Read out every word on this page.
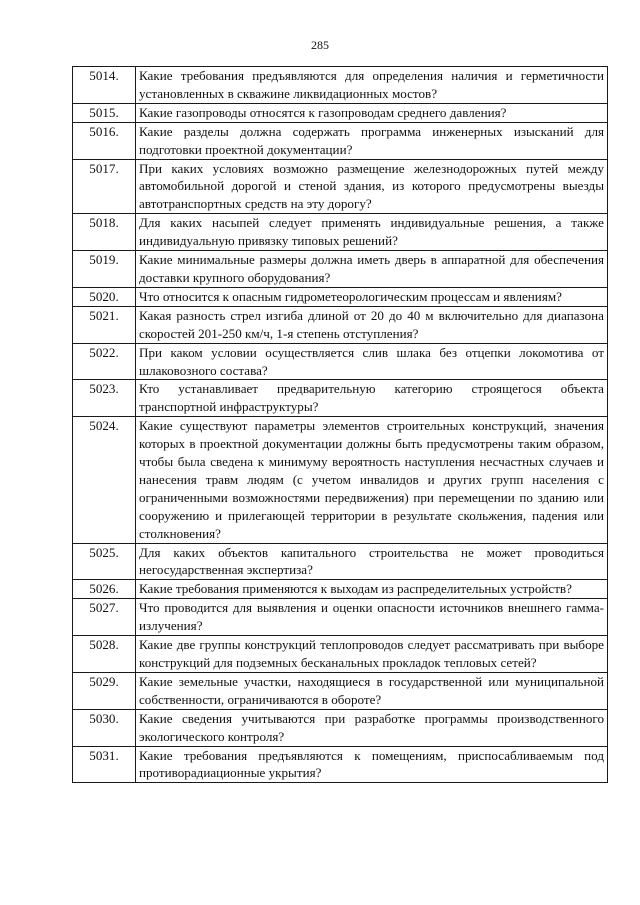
285
5014.	Какие требования предъявляются для определения наличия и герметичности установленных в скважине ликвидационных мостов?
5015.	Какие газопроводы относятся к газопроводам среднего давления?
5016.	Какие разделы должна содержать программа инженерных изысканий для подготовки проектной документации?
5017.	При каких условиях возможно размещение железнодорожных путей между автомобильной дорогой и стеной здания, из которого предусмотрены выезды автотранспортных средств на эту дорогу?
5018.	Для каких насыпей следует применять индивидуальные решения, а также индивидуальную привязку типовых решений?
5019.	Какие минимальные размеры должна иметь дверь в аппаратной для обеспечения доставки крупного оборудования?
5020.	Что относится к опасным гидрометеорологическим процессам и явлениям?
5021.	Какая разность стрел изгиба длиной от 20 до 40 м включительно для диапазона скоростей 201-250 км/ч, 1-я степень отступления?
5022.	При каком условии осуществляется слив шлака без отцепки локомотива от шлаковозного состава?
5023.	Кто устанавливает предварительную категорию строящегося объекта транспортной инфраструктуры?
5024.	Какие существуют параметры элементов строительных конструкций, значения которых в проектной документации должны быть предусмотрены таким образом, чтобы была сведена к минимуму вероятность наступления несчастных случаев и нанесения травм людям (с учетом инвалидов и других групп населения с ограниченными возможностями передвижения) при перемещении по зданию или сооружению и прилегающей территории в результате скольжения, падения или столкновения?
5025.	Для каких объектов капитального строительства не может проводиться негосударственная экспертиза?
5026.	Какие требования применяются к выходам из распределительных устройств?
5027.	Что проводится для выявления и оценки опасности источников внешнего гамма-излучения?
5028.	Какие две группы конструкций теплопроводов следует рассматривать при выборе конструкций для подземных бесканальных прокладок тепловых сетей?
5029.	Какие земельные участки, находящиеся в государственной или муниципальной собственности, ограничиваются в обороте?
5030.	Какие сведения учитываются при разработке программы производственного экологического контроля?
5031.	Какие требования предъявляются к помещениям, приспосабливаемым под противорадиационные укрытия?
